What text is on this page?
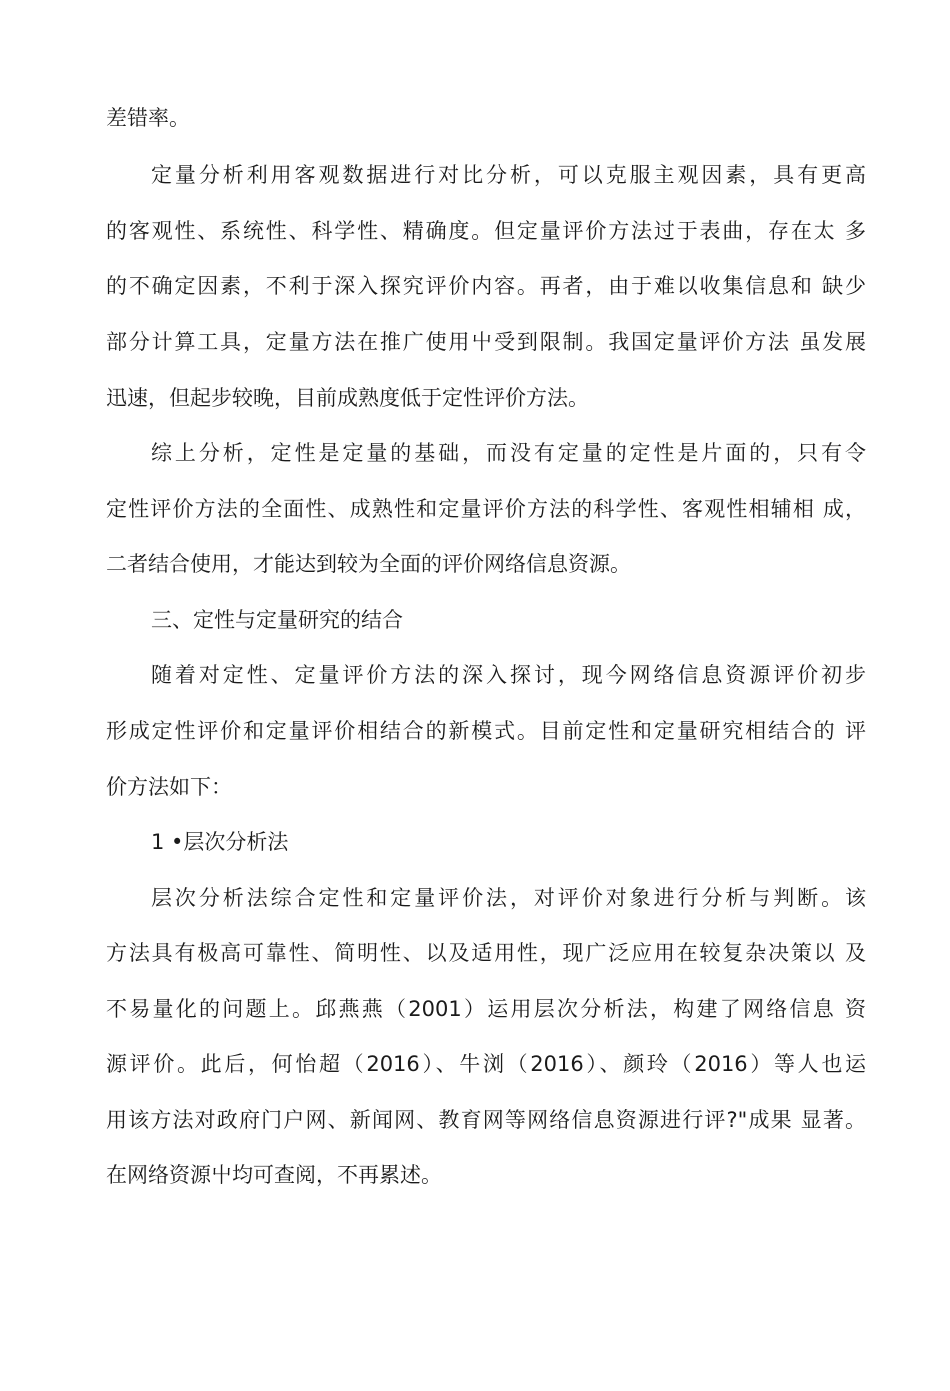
差错率。
定量分析利用客观数据进行对比分析，可以克服主观因素，具有更高
的客观性、系统性、科学性、精确度。但定量评价方法过于表曲，存在太 多
的不确定因素，不利于深入探究评价内容。再者，由于难以收集信息和 缺少
部分计算工具，定量方法在推广使用屮受到限制。我国定量评价方法 虽发展
迅速，但起步较晚，目前成熟度低于定性评价方法。
综上分析，定性是定量的基础，而没有定量的定性是片面的，只有令
定性评价方法的全面性、成熟性和定量评价方法的科学性、客观性相辅相 成，
二者结合使用，才能达到较为全面的评价网络信息资源。
三、定性与定量研究的结合
随着对定性、定量评价方法的深入探讨，现今网络信息资源评价初步
形成定性评价和定量评价相结合的新模式。目前定性和定量研究相结合的 评
价方法如下：
1 •层次分析法
层次分析法综合定性和定量评价法，对评价对象进行分析与判断。该
方法具有极高可靠性、简明性、以及适用性，现广泛应用在较复杂决策以 及
不易量化的问题上。邱燕燕（2001）运用层次分析法，构建了网络信息 资
源评价。此后，何怡超（2016）、牛浏（2016）、颜玲（2016）等人也运
用该方法对政府门户网、新闻网、教育网等网络信息资源进行评?"成果 显著。
在网络资源屮均可查阅，不再累述。
